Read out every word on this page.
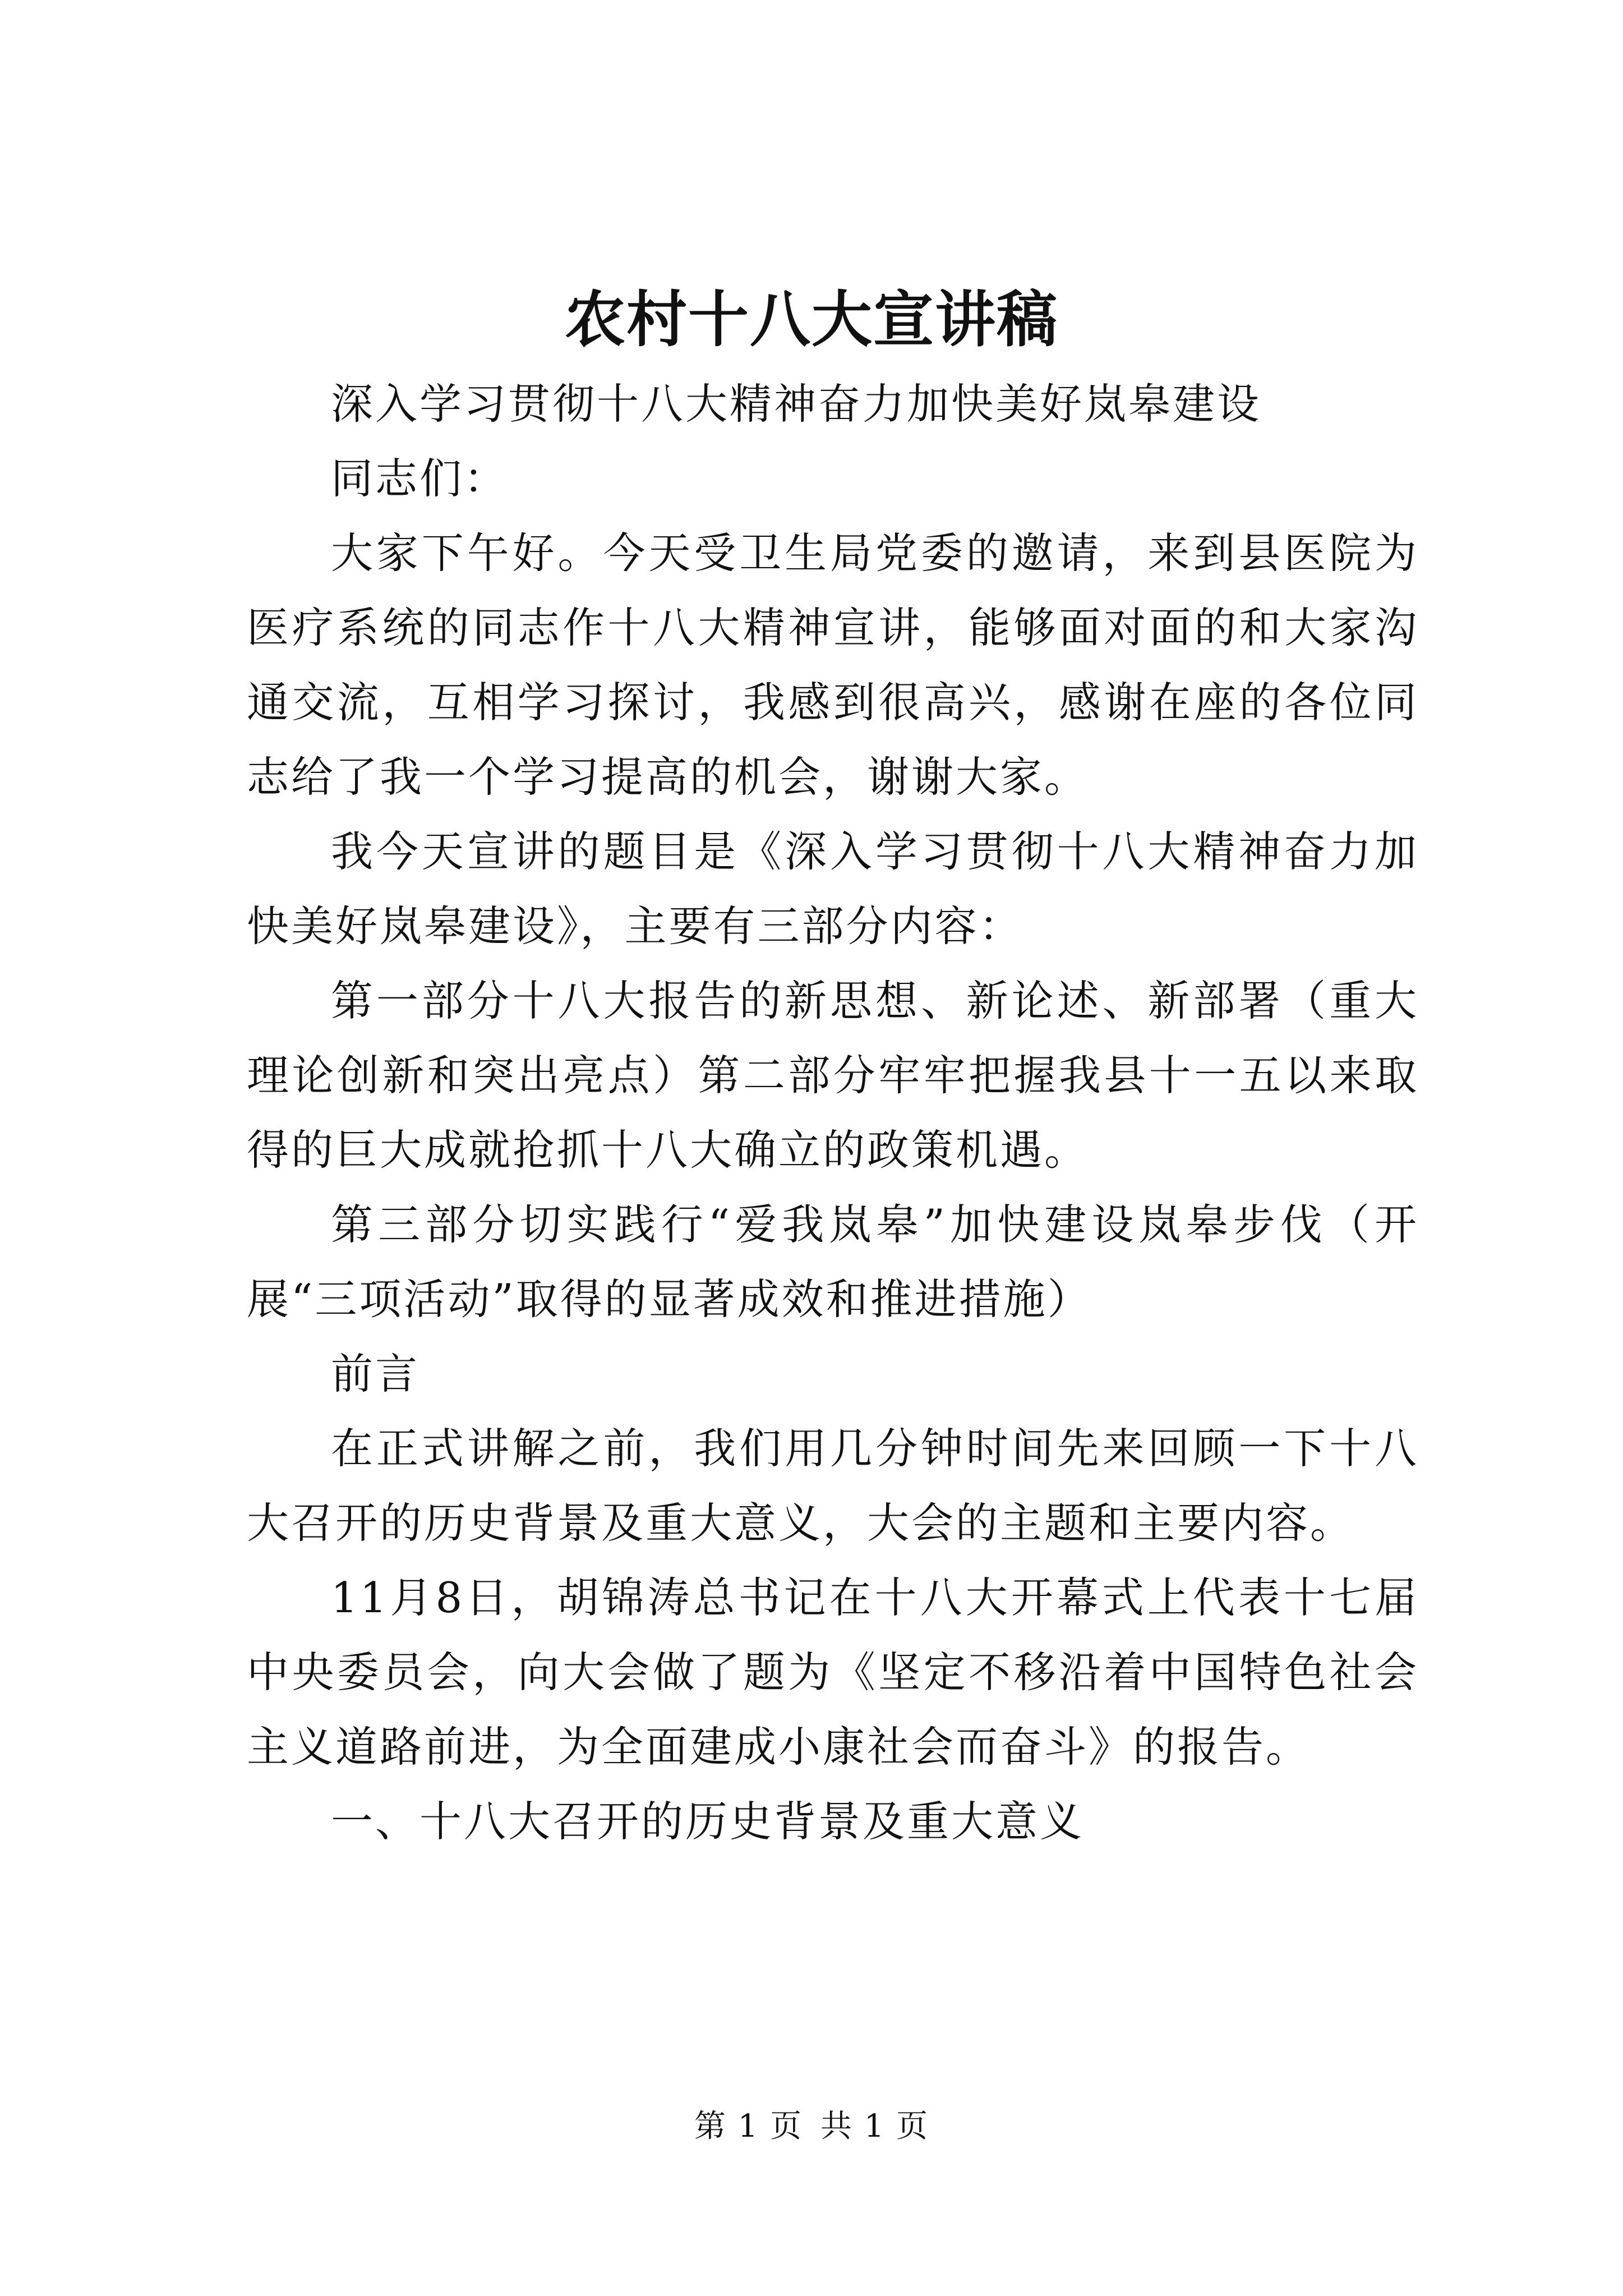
农村十八大宣讲稿

深入学习贯彻十八大精神奋力加快美好岚皋建设

同志们：

大家下午好。今天受卫生局党委的邀请，来到县医院为医疗系统的同志作十八大精神宣讲，能够面对面的和大家沟通交流，互相学习探讨，我感到很高兴，感谢在座的各位同志给了我一个学习提高的机会，谢谢大家。

我今天宣讲的题目是《深入学习贯彻十八大精神奋力加快美好岚皋建设》，主要有三部分内容：

第一部分十八大报告的新思想、新论述、新部署（重大理论创新和突出亮点）第二部分牢牢把握我县十一五以来取得的巨大成就抢抓十八大确立的政策机遇。

第三部分切实践行“爱我岚皋”加快建设岚皋步伐（开展“三项活动”取得的显著成效和推进措施）

前言

在正式讲解之前，我们用几分钟时间先来回顾一下十八大召开的历史背景及重大意义，大会的主题和主要内容。

11月8日，胡锦涛总书记在十八大开幕式上代表十七届中央委员会，向大会做了题为《坚定不移沿着中国特色社会主义道路前进，为全面建成小康社会而奋斗》的报告。

一、十八大召开的历史背景及重大意义

第 1 页 共 1 页
